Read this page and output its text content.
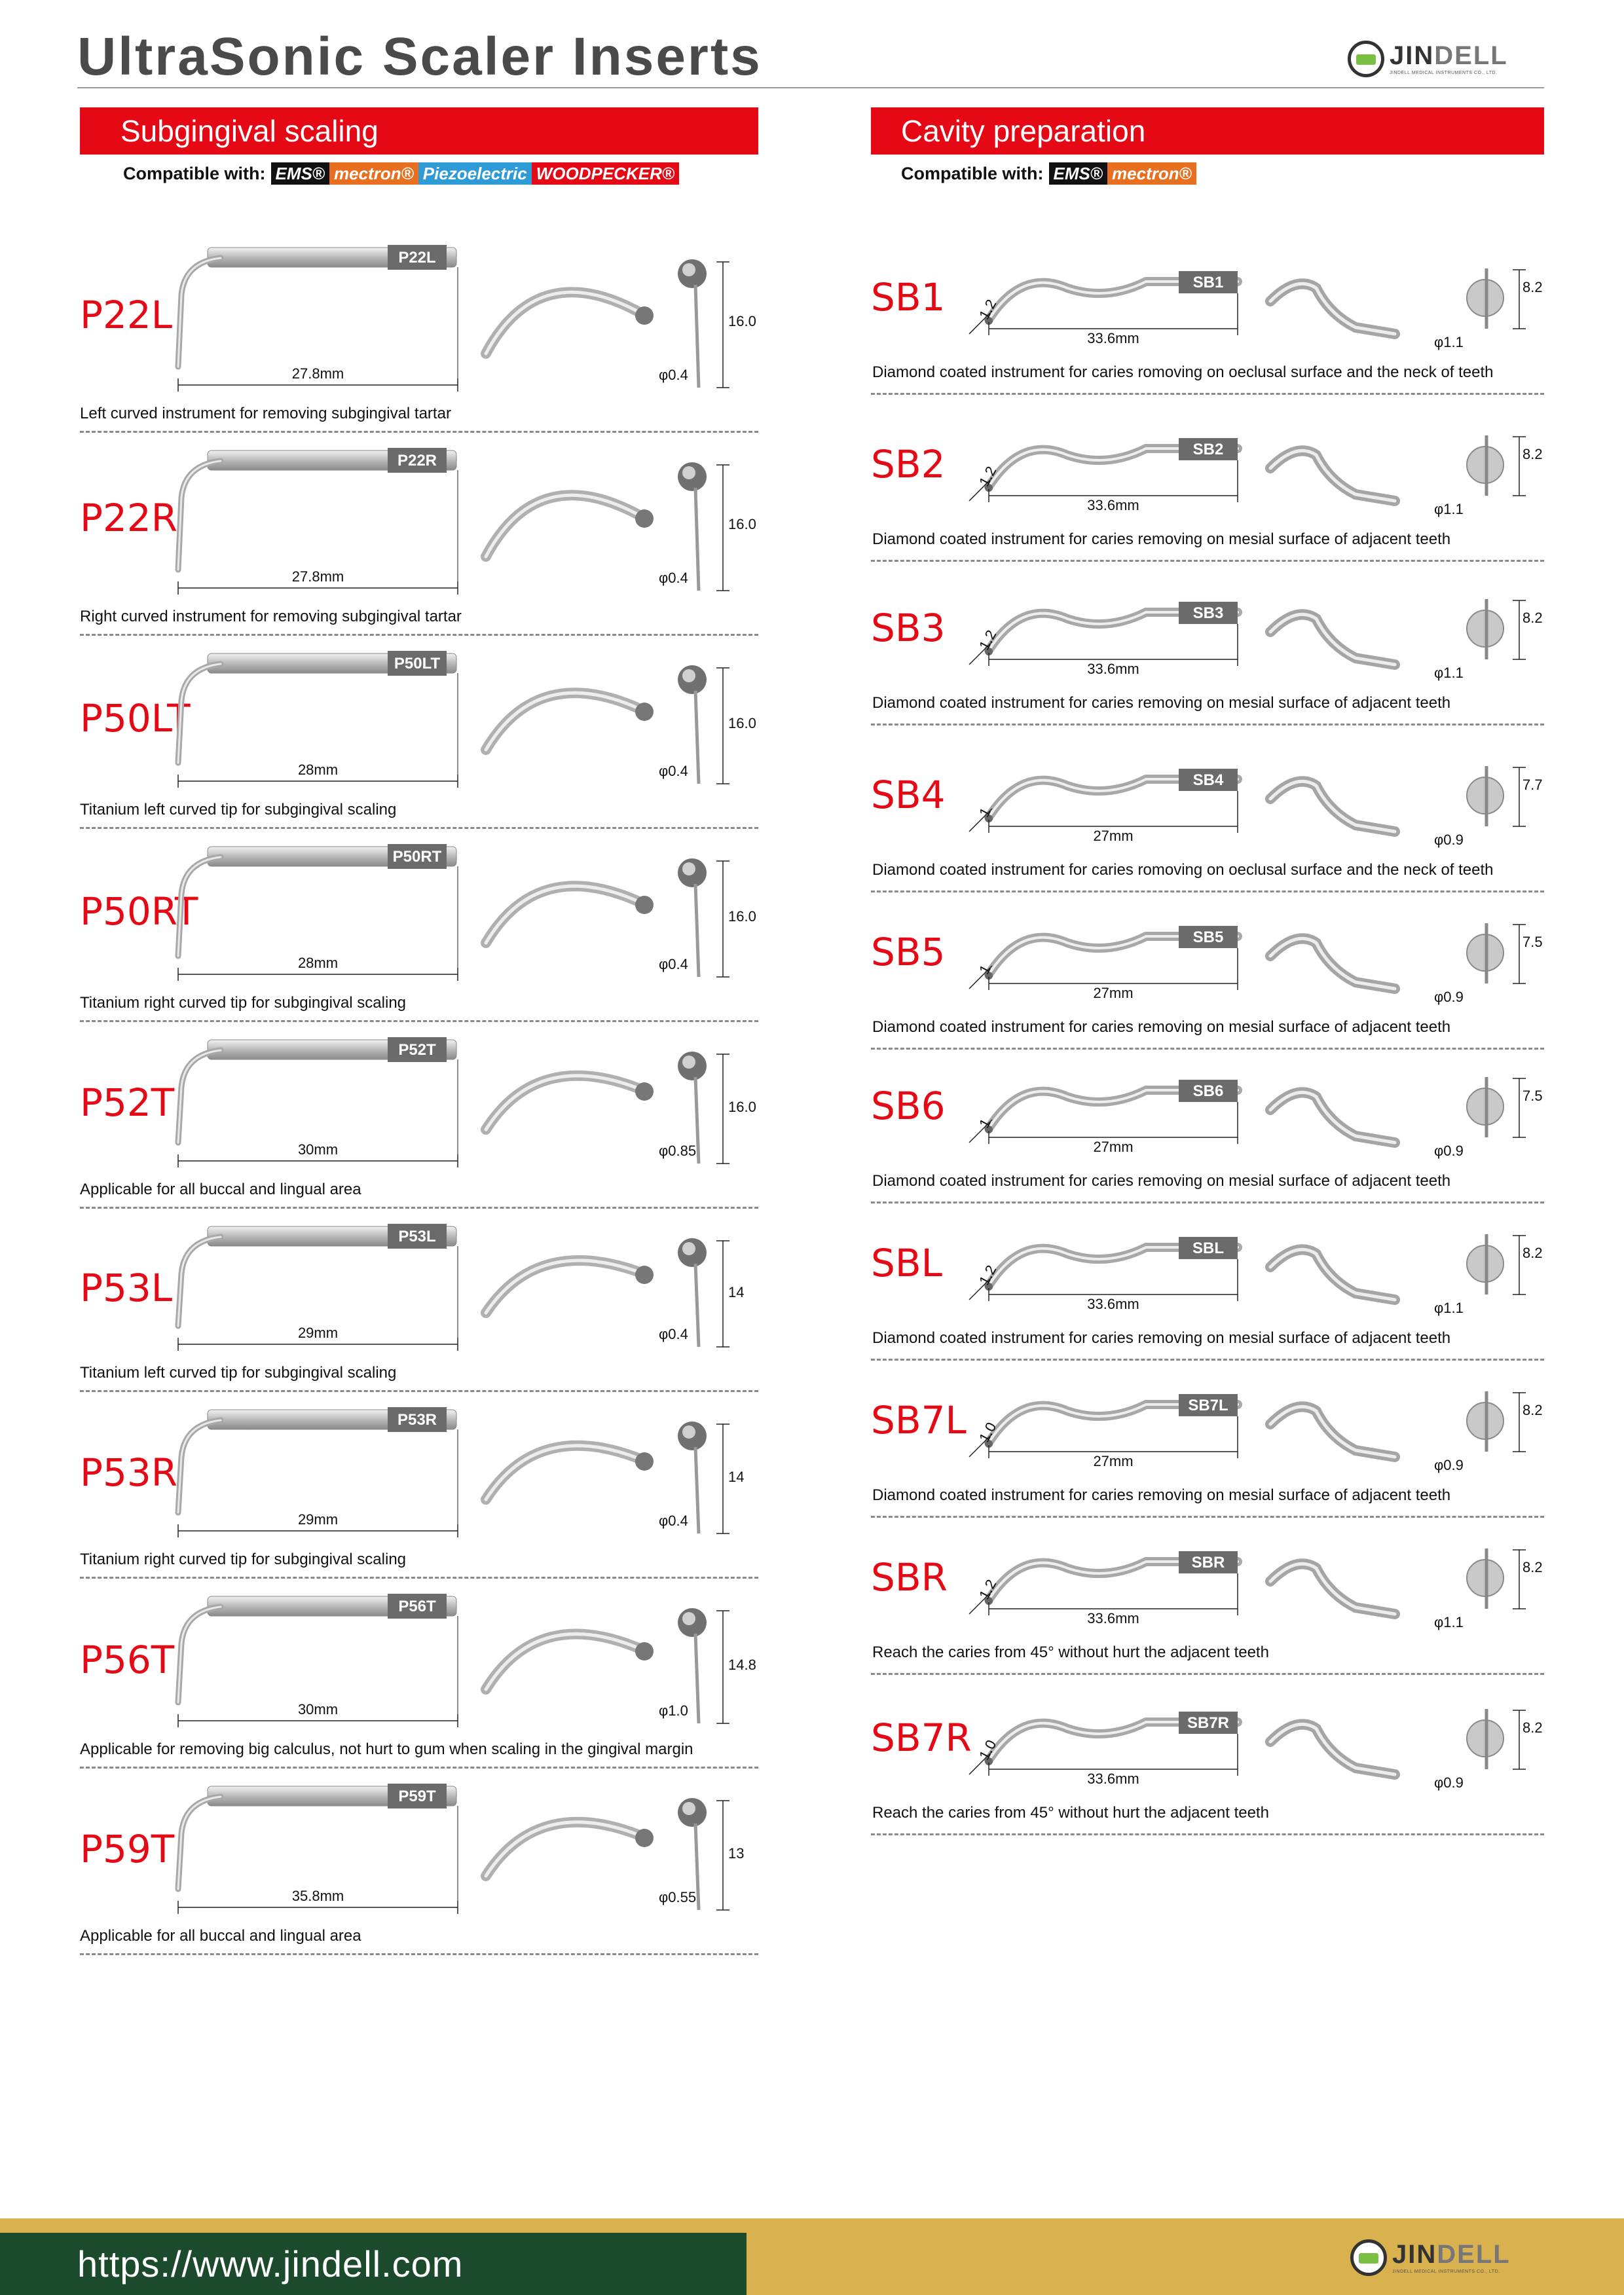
UltraSonic Scaler Inserts	JINDELL
JINDELL MEDICAL INSTRUMENTS CO., LTD.
Subgingival scaling
Compatible with: EMS® mectron® Piezoelectric WOODPECKER®
P22L
P22L
27.8mm
16.0
φ0.4
Left curved instrument for removing subgingival tartar
P22R
P22R
27.8mm
16.0
φ0.4
Right curved instrument for removing subgingival tartar
P50LT
P50LT
28mm
16.0
φ0.4
Titanium left curved tip for subgingival scaling
P50RT
P50RT
28mm
16.0
φ0.4
Titanium right curved tip for subgingival scaling
P52T
P52T
30mm
16.0
φ0.85
Applicable for all buccal and lingual area
P53L
P53L
29mm
14
φ0.4
Titanium left curved tip for subgingival scaling
P53R
P53R
29mm
14
φ0.4
Titanium right curved tip for subgingival scaling
P56T
P56T
30mm
14.8
φ1.0
Applicable for removing big calculus, not hurt to gum when scaling in the gingival margin
P59T
P59T
35.8mm
13
φ0.55
Applicable for all buccal and lingual area
SB1	SB1
1.2
33.6mm
8.2
φ1.1
Diamond coated instrument for caries romoving on oeclusal surface and the neck of teeth
SB2	SB2
1.2
33.6mm
8.2
φ1.1
Diamond coated instrument for caries removing on mesial surface of adjacent teeth
SB3	SB3
1.2
33.6mm
8.2
φ1.1
Diamond coated instrument for caries removing on mesial surface of adjacent teeth
SB4	SB4
1
27mm
7.7
φ0.9
Diamond coated instrument for caries romoving on oeclusal surface and the neck of teeth
SB5	SB5
1
27mm
7.5
φ0.9
Diamond coated instrument for caries removing on mesial surface of adjacent teeth
SB6	SB6
1
27mm
7.5
φ0.9
Diamond coated instrument for caries removing on mesial surface of adjacent teeth
SBL	SBL
1.2
33.6mm
8.2
φ1.1
Diamond coated instrument for caries removing on mesial surface of adjacent teeth
SB7L	SB7L
1.0
27mm
8.2
φ0.9
Diamond coated instrument for caries removing on mesial surface of adjacent teeth
SBR	SBR
1.2
33.6mm
8.2
φ1.1
Reach the caries from 45° without hurt the adjacent teeth
SB7R	SB7R
1.0
33.6mm
8.2
φ0.9
Reach the caries from 45° without hurt the adjacent teeth
Cavity preparation
Compatible with: EMS® mectron®
https://www.jindell.com	JINDELL
JINDELL MEDICAL INSTRUMENTS CO., LTD.
